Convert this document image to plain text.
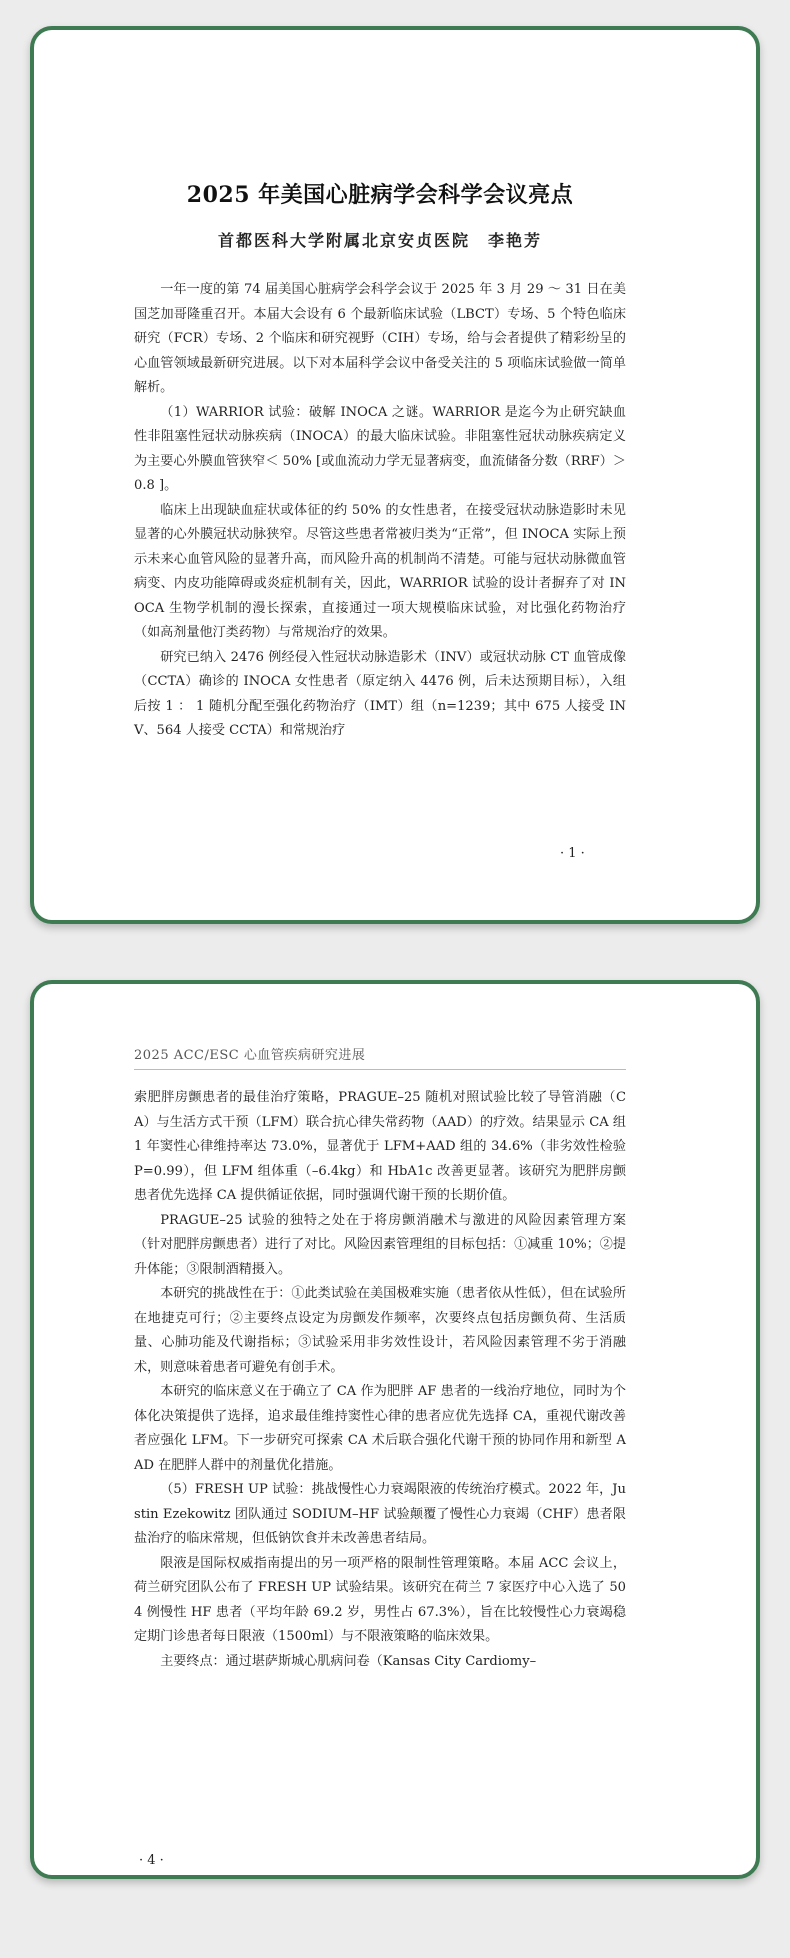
2025 年美国心脏病学会科学会议亮点
首都医科大学附属北京安贞医院　李艳芳

一年一度的第 74 届美国心脏病学会科学会议于 2025 年 3 月 29 ～ 31 日在美国芝加哥隆重召开。本届大会设有 6 个最新临床试验（LBCT）专场、5 个特色临床研究（FCR）专场、2 个临床和研究视野（CIH）专场，给与会者提供了精彩纷呈的心血管领域最新研究进展。以下对本届科学会议中备受关注的 5 项临床试验做一简单解析。

（1）WARRIOR 试验：破解 INOCA 之谜。WARRIOR 是迄今为止研究缺血性非阻塞性冠状动脉疾病（INOCA）的最大临床试验。非阻塞性冠状动脉疾病定义为主要心外膜血管狭窄＜ 50% [或血流动力学无显著病变，血流储备分数（RRF）＞ 0.8 ]。

临床上出现缺血症状或体征的约 50% 的女性患者，在接受冠状动脉造影时未见显著的心外膜冠状动脉狭窄。尽管这些患者常被归类为“正常”，但 INOCA 实际上预示未来心血管风险的显著升高，而风险升高的机制尚不清楚。可能与冠状动脉微血管病变、内皮功能障碍或炎症机制有关，因此，WARRIOR 试验的设计者摒弃了对 INOCA 生物学机制的漫长探索，直接通过一项大规模临床试验，对比强化药物治疗（如高剂量他汀类药物）与常规治疗的效果。

研究已纳入 2476 例经侵入性冠状动脉造影术（INV）或冠状动脉 CT 血管成像（CCTA）确诊的 INOCA 女性患者（原定纳入 4476 例，后未达预期目标），入组后按 1 ： 1 随机分配至强化药物治疗（IMT）组（n=1239；其中 675 人接受 INV、564 人接受 CCTA）和常规治疗

· 1 ·
2025 ACC/ESC 心血管疾病研究进展

索肥胖房颤患者的最佳治疗策略，PRAGUE–25 随机对照试验比较了导管消融（CA）与生活方式干预（LFM）联合抗心律失常药物（AAD）的疗效。结果显示 CA 组 1 年窦性心律维持率达 73.0%，显著优于 LFM+AAD 组的 34.6%（非劣效性检验 P=0.99），但 LFM 组体重（–6.4kg）和 HbA1c 改善更显著。该研究为肥胖房颤患者优先选择 CA 提供循证依据，同时强调代谢干预的长期价值。

PRAGUE–25 试验的独特之处在于将房颤消融术与激进的风险因素管理方案（针对肥胖房颤患者）进行了对比。风险因素管理组的目标包括：①减重 10%；②提升体能；③限制酒精摄入。

本研究的挑战性在于：①此类试验在美国极难实施（患者依从性低），但在试验所在地捷克可行；②主要终点设定为房颤发作频率，次要终点包括房颤负荷、生活质量、心肺功能及代谢指标；③试验采用非劣效性设计，若风险因素管理不劣于消融术，则意味着患者可避免有创手术。

本研究的临床意义在于确立了 CA 作为肥胖 AF 患者的一线治疗地位，同时为个体化决策提供了选择，追求最佳维持窦性心律的患者应优先选择 CA，重视代谢改善者应强化 LFM。下一步研究可探索 CA 术后联合强化代谢干预的协同作用和新型 AAD 在肥胖人群中的剂量优化措施。

（5）FRESH UP 试验：挑战慢性心力衰竭限液的传统治疗模式。2022 年，Justin Ezekowitz 团队通过 SODIUM–HF 试验颠覆了慢性心力衰竭（CHF）患者限盐治疗的临床常规，但低钠饮食并未改善患者结局。

限液是国际权威指南提出的另一项严格的限制性管理策略。本届 ACC 会议上，荷兰研究团队公布了 FRESH UP 试验结果。该研究在荷兰 7 家医疗中心入选了 504 例慢性 HF 患者（平均年龄 69.2 岁，男性占 67.3%），旨在比较慢性心力衰竭稳定期门诊患者每日限液（1500ml）与不限液策略的临床效果。

主要终点：通过堪萨斯城心肌病问卷（Kansas City Cardiomy–

· 4 ·
